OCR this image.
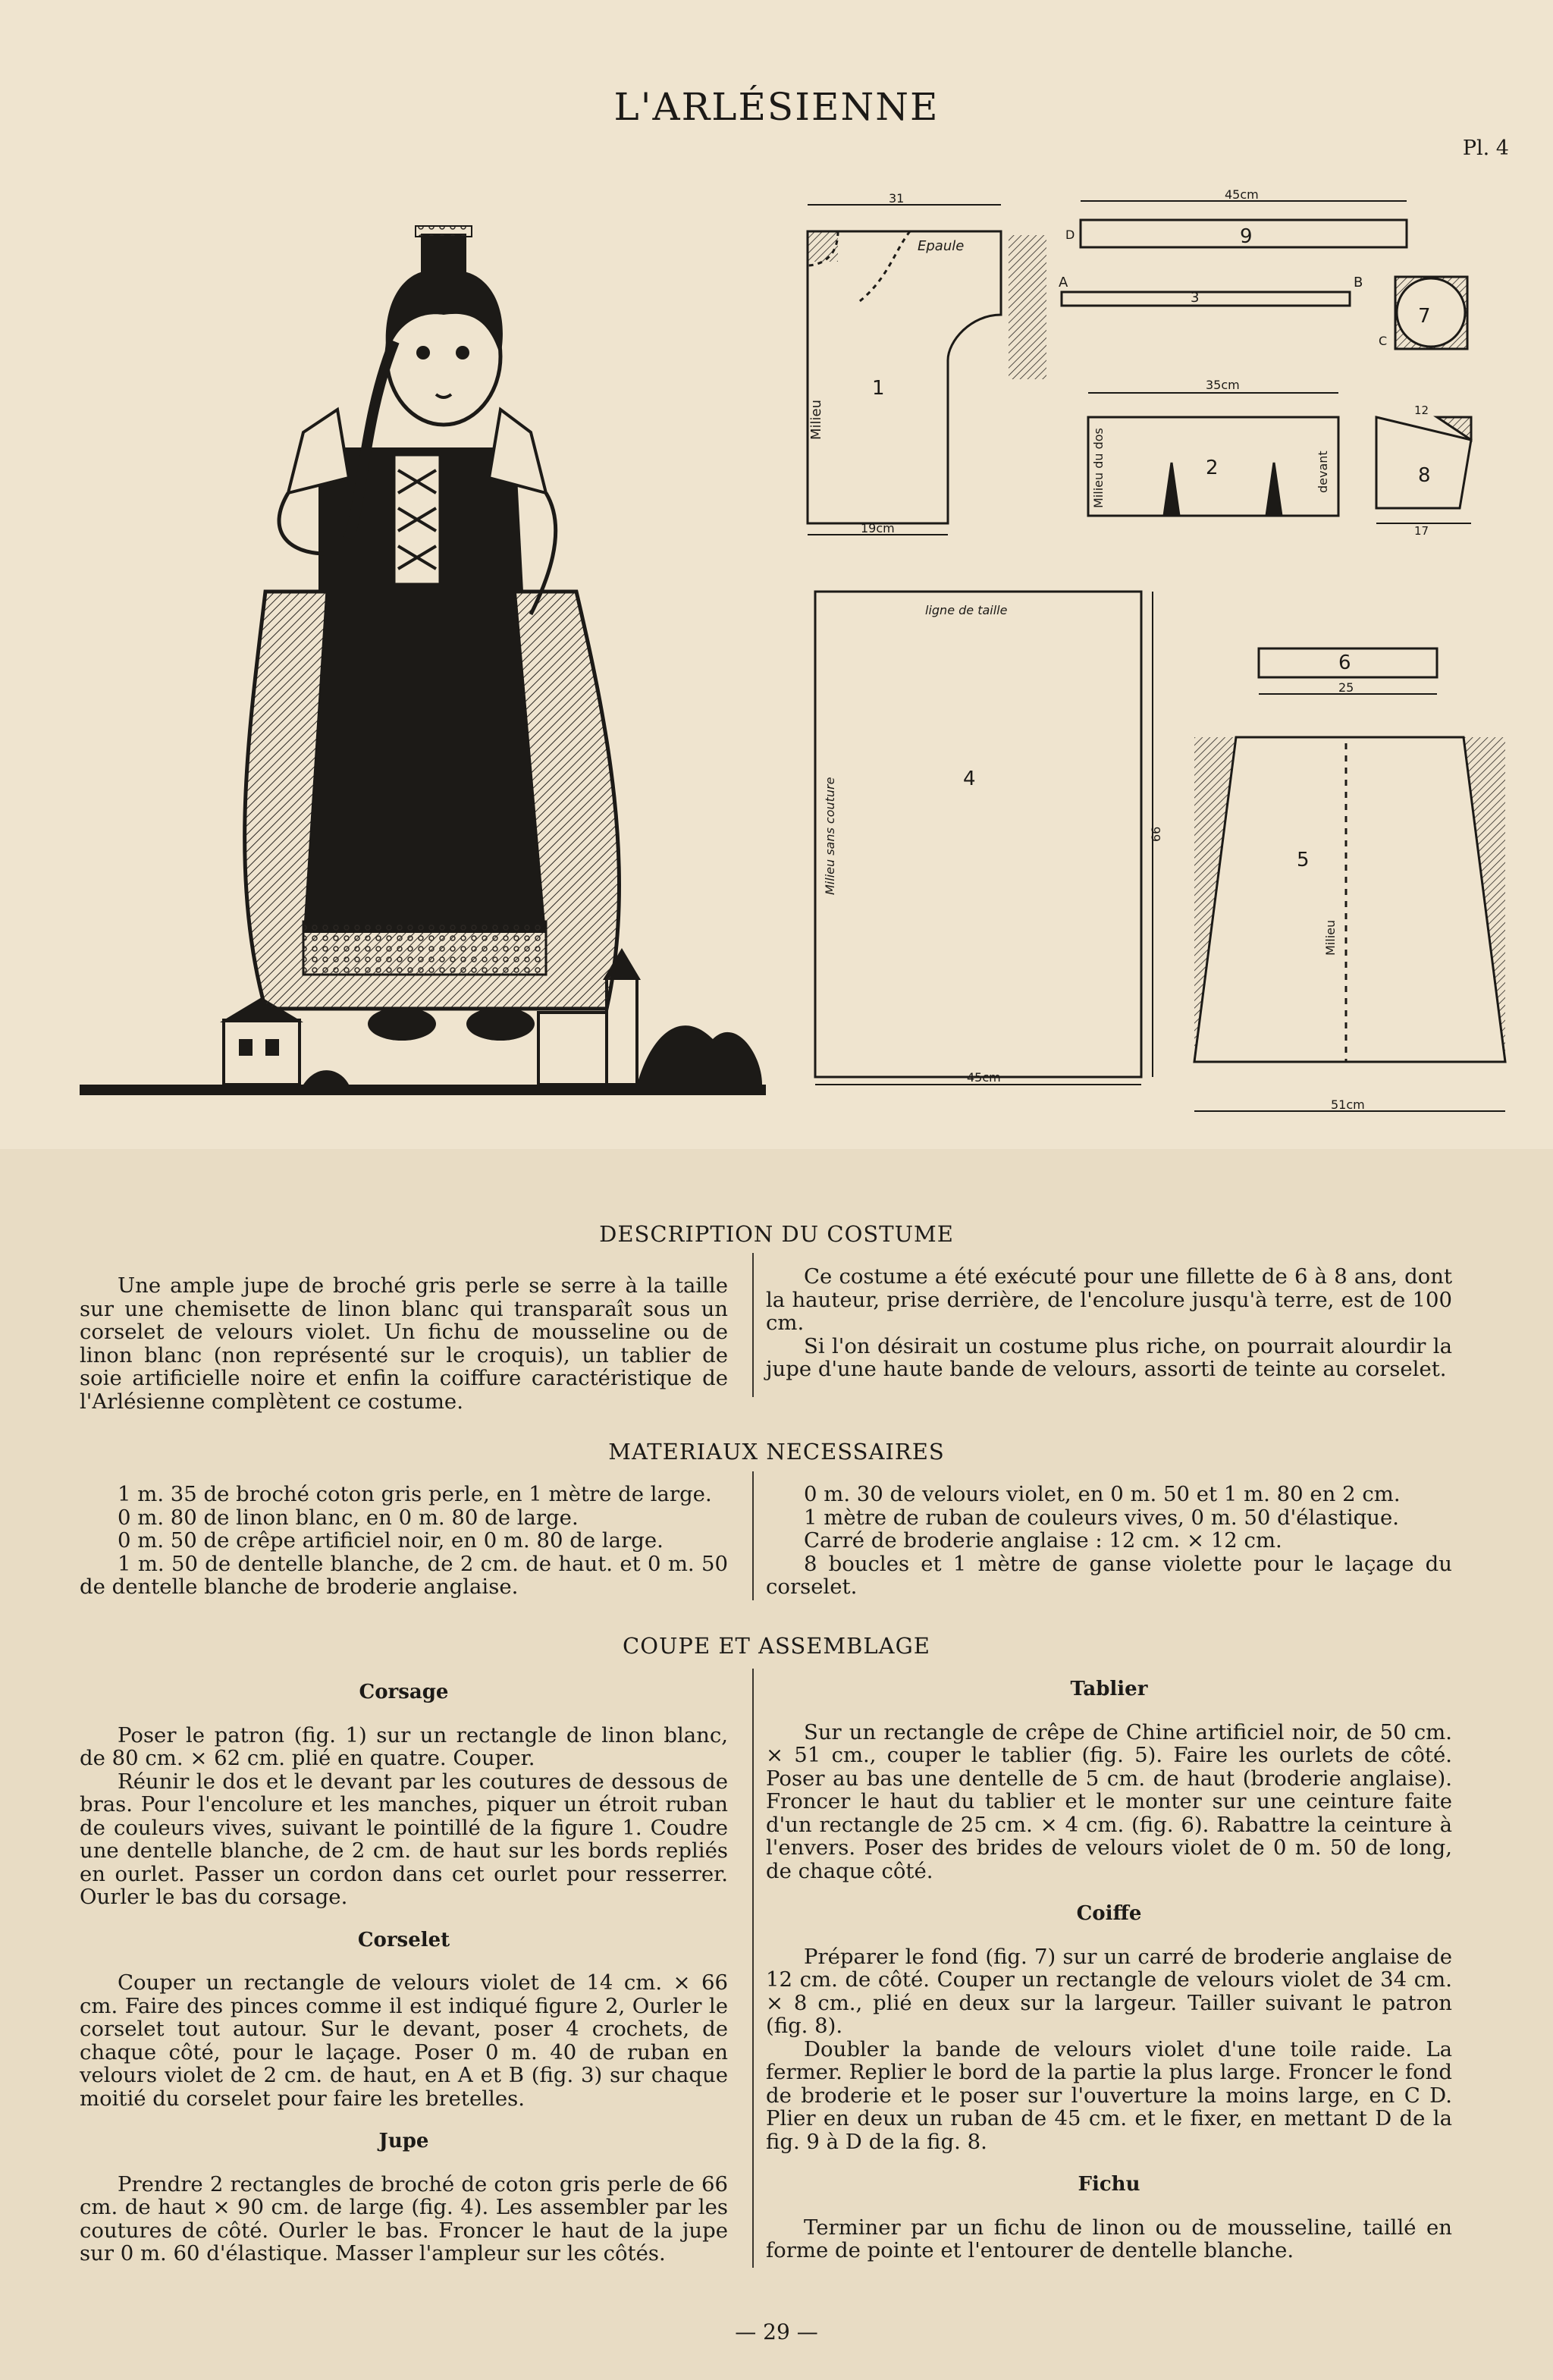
L'ARLÉSIENNE
Pl. 4
1
Epaule
Milieu
31
19cm
9
45cm
D
A	B
3
7
C
2
35cm
Milieu du dos	devant	8
12
17
4
ligne de taille
Milieu sans couture	66
45cm
6
25
5
Milieu
51cm
DESCRIPTION DU COSTUME

Une ample jupe de broché gris perle se serre à la taille sur une chemisette de linon blanc qui transparaît sous un corselet de velours violet. Un fichu de mousseline ou de linon blanc (non représenté sur le croquis), un tablier de soie artificielle noire et enfin la coiffure caractéristique de l'Arlésienne complètent ce costume.

Ce costume a été exécuté pour une fillette de 6 à 8 ans, dont la hauteur, prise derrière, de l'encolure jusqu'à terre, est de 100 cm.

Si l'on désirait un costume plus riche, on pourrait alourdir la jupe d'une haute bande de velours, assorti de teinte au corselet.

MATERIAUX NECESSAIRES

1 m. 35 de broché coton gris perle, en 1 mètre de large.

0 m. 80 de linon blanc, en 0 m. 80 de large.

0 m. 50 de crêpe artificiel noir, en 0 m. 80 de large.

1 m. 50 de dentelle blanche, de 2 cm. de haut. et 0 m. 50 de dentelle blanche de broderie anglaise.

0 m. 30 de velours violet, en 0 m. 50 et 1 m. 80 en 2 cm.

1 mètre de ruban de couleurs vives, 0 m. 50 d'élastique.

Carré de broderie anglaise : 12 cm. × 12 cm.

8 boucles et 1 mètre de ganse violette pour le laçage du corselet.

COUPE ET ASSEMBLAGE
Corsage

Poser le patron (fig. 1) sur un rectangle de linon blanc, de 80 cm. × 62 cm. plié en quatre. Couper.

Réunir le dos et le devant par les coutures de dessous de bras. Pour l'encolure et les manches, piquer un étroit ruban de couleurs vives, suivant le pointillé de la figure 1. Coudre une dentelle blanche, de 2 cm. de haut sur les bords repliés en ourlet. Passer un cordon dans cet ourlet pour resserrer. Ourler le bas du corsage.

Corselet

Couper un rectangle de velours violet de 14 cm. × 66 cm. Faire des pinces comme il est indiqué figure 2, Ourler le corselet tout autour. Sur le devant, poser 4 crochets, de chaque côté, pour le laçage. Poser 0 m. 40 de ruban en velours violet de 2 cm. de haut, en A et B (fig. 3) sur chaque moitié du corselet pour faire les bretelles.

Jupe

Prendre 2 rectangles de broché de coton gris perle de 66 cm. de haut × 90 cm. de large (fig. 4). Les assembler par les coutures de côté. Ourler le bas. Froncer le haut de la jupe sur 0 m. 60 d'élastique. Masser l'ampleur sur les côtés.

Tablier

Sur un rectangle de crêpe de Chine artificiel noir, de 50 cm. × 51 cm., couper le tablier (fig. 5). Faire les ourlets de côté. Poser au bas une dentelle de 5 cm. de haut (broderie anglaise). Froncer le haut du tablier et le monter sur une ceinture faite d'un rectangle de 25 cm. × 4 cm. (fig. 6). Rabattre la ceinture à l'envers. Poser des brides de velours violet de 0 m. 50 de long, de chaque côté.

Coiffe

Préparer le fond (fig. 7) sur un carré de broderie anglaise de 12 cm. de côté. Couper un rectangle de velours violet de 34 cm. × 8 cm., plié en deux sur la largeur. Tailler suivant le patron (fig. 8).

Doubler la bande de velours violet d'une toile raide. La fermer. Replier le bord de la partie la plus large. Froncer le fond de broderie et le poser sur l'ouverture la moins large, en C D. Plier en deux un ruban de 45 cm. et le fixer, en mettant D de la fig. 9 à D de la fig. 8.

Fichu

Terminer par un fichu de linon ou de mousseline, taillé en forme de pointe et l'entourer de dentelle blanche.

— 29 —
